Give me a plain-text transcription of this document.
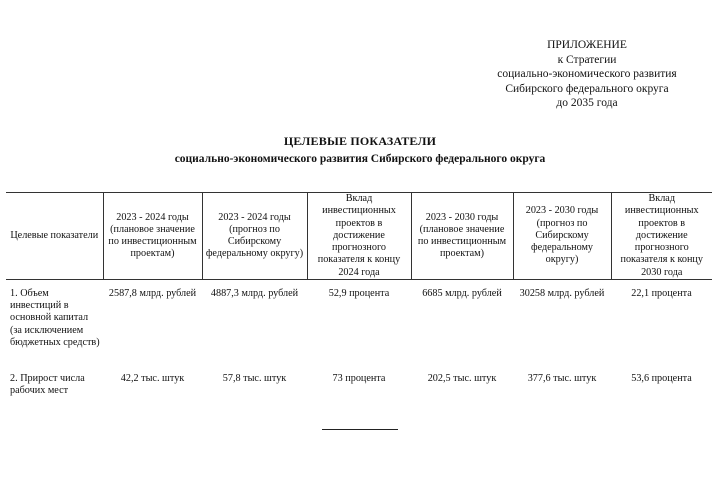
ПРИЛОЖЕНИЕ
к Стратегии
социально-экономического развития
Сибирского федерального округа
до 2035 года
ЦЕЛЕВЫЕ ПОКАЗАТЕЛИ
социально-экономического развития Сибирского федерального округа
Целевые показатели	2023 - 2024 годы (плановое значение по инвестиционным проектам)	2023 - 2024 годы (прогноз по Сибирскому федеральному округу)	Вклад инвестиционных проектов в достижение прогнозного показателя к концу 2024 года	2023 - 2030 годы (плановое значение по инвестиционным проектам)	2023 - 2030 годы (прогноз по Сибирскому федеральному округу)	Вклад инвестиционных проектов в достижение прогнозного показателя к концу 2030 года
1. Объем инвестиций в основной капитал (за исключением бюджетных средств)	2587,8 млрд. рублей	4887,3 млрд. рублей	52,9 процента	6685 млрд. рублей	30258 млрд. рублей	22,1 процента
2. Прирост числа рабочих мест	42,2 тыс. штук	57,8 тыс. штук	73 процента	202,5 тыс. штук	377,6 тыс. штук	53,6 процента
